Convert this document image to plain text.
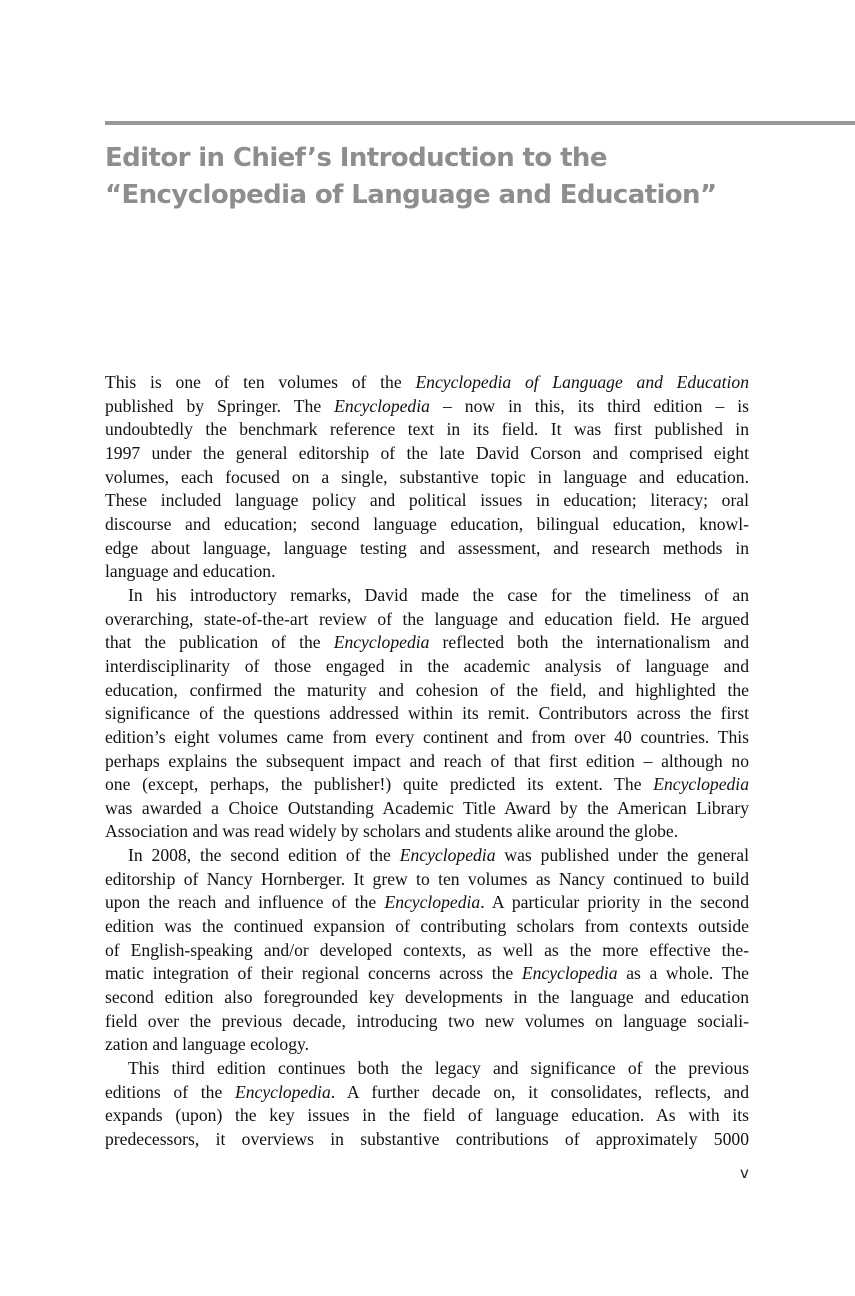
Editor in Chief’s Introduction to the
“Encyclopedia of Language and Education”
This is one of ten volumes of the Encyclopedia of Language and Education
published by Springer. The Encyclopedia – now in this, its third edition – is
undoubtedly the benchmark reference text in its field. It was first published in
1997 under the general editorship of the late David Corson and comprised eight
volumes, each focused on a single, substantive topic in language and education.
These included language policy and political issues in education; literacy; oral
discourse and education; second language education, bilingual education, knowl-
edge about language, language testing and assessment, and research methods in
language and education.
In his introductory remarks, David made the case for the timeliness of an
overarching, state-of-the-art review of the language and education field. He argued
that the publication of the Encyclopedia reflected both the internationalism and
interdisciplinarity of those engaged in the academic analysis of language and
education, confirmed the maturity and cohesion of the field, and highlighted the
significance of the questions addressed within its remit. Contributors across the first
edition’s eight volumes came from every continent and from over 40 countries. This
perhaps explains the subsequent impact and reach of that first edition – although no
one (except, perhaps, the publisher!) quite predicted its extent. The Encyclopedia
was awarded a Choice Outstanding Academic Title Award by the American Library
Association and was read widely by scholars and students alike around the globe.
In 2008, the second edition of the Encyclopedia was published under the general
editorship of Nancy Hornberger. It grew to ten volumes as Nancy continued to build
upon the reach and influence of the Encyclopedia. A particular priority in the second
edition was the continued expansion of contributing scholars from contexts outside
of English-speaking and/or developed contexts, as well as the more effective the-
matic integration of their regional concerns across the Encyclopedia as a whole. The
second edition also foregrounded key developments in the language and education
field over the previous decade, introducing two new volumes on language sociali-
zation and language ecology.
This third edition continues both the legacy and significance of the previous
editions of the Encyclopedia. A further decade on, it consolidates, reflects, and
expands (upon) the key issues in the field of language education. As with its
predecessors, it overviews in substantive contributions of approximately 5000
v
